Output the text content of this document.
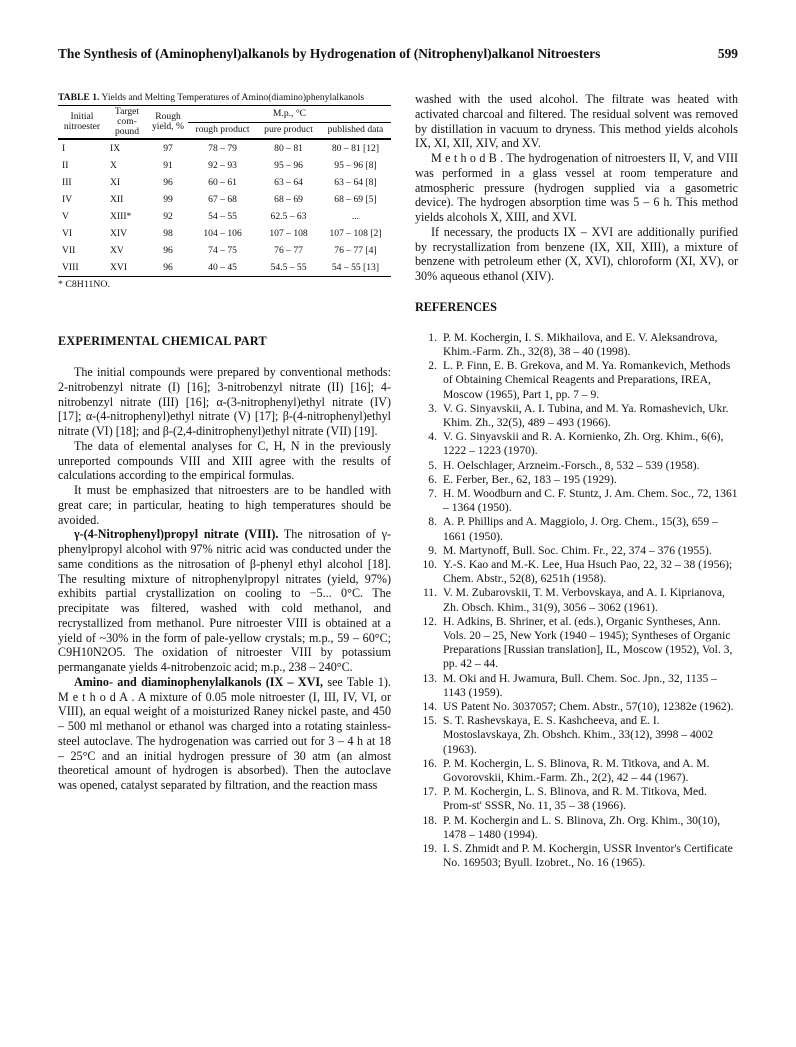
The Synthesis of (Aminophenyl)alkanols by Hydrogenation of (Nitrophenyl)alkanol Nitroesters	599
TABLE 1. Yields and Melting Temperatures of Amino(diamino)phenylalkanols
Initial nitroester	Target com-pound	Rough yield, %	M.p., °C		
			rough product	pure product	published data

I	IX	97	78 – 79	80 – 81	80 – 81 [12]
II	X	91	92 – 93	95 – 96	95 – 96 [8]
III	XI	96	60 – 61	63 – 64	63 – 64 [8]
IV	XII	99	67 – 68	68 – 69	68 – 69 [5]
V	XIII*	92	54 – 55	62.5 – 63	...
VI	XIV	98	104 – 106	107 – 108	107 – 108 [2]
VII	XV	96	74 – 75	76 – 77	76 – 77 [4]
VIII	XVI	96	40 – 45	54.5 – 55	54 – 55 [13]
* C8H11NO.
EXPERIMENTAL CHEMICAL PART

The initial compounds were prepared by conventional methods: 2-nitrobenzyl nitrate (I) [16]; 3-nitrobenzyl nitrate (II) [16]; 4-nitrobenzyl nitrate (III) [16]; α-(3-nitrophenyl)ethyl nitrate (IV) [17]; α-(4-nitrophenyl)ethyl nitrate (V) [17]; β-(4-nitrophenyl)ethyl nitrate (VI) [18]; and β-(2,4-dinitrophenyl)ethyl nitrate (VII) [19].

The data of elemental analyses for C, H, N in the previously unreported compounds VIII and XIII agree with the results of calculations according to the empirical formulas.

It must be emphasized that nitroesters are to be handled with great care; in particular, heating to high temperatures should be avoided.

γ-(4-Nitrophenyl)propyl nitrate (VIII). The nitrosation of γ-phenylpropyl alcohol with 97% nitric acid was conducted under the same conditions as the nitrosation of β-phenyl ethyl alcohol [18]. The resulting mixture of nitrophenylpropyl nitrates (yield, 97%) exhibits partial crystallization on cooling to −5... 0°C. The precipitate was filtered, washed with cold methanol, and recrystallized from methanol. Pure nitroester VIII is obtained at a yield of ~30% in the form of pale-yellow crystals; m.p., 59 – 60°C; C9H10N2O5. The oxidation of nitroester VIII by potassium permanganate yields 4-nitrobenzoic acid; m.p., 238 – 240°C.

Amino- and diaminophenylalkanols (IX – XVI, see Table 1). M e t h o d A . A mixture of 0.05 mole nitroester (I, III, IV, VI, or VIII), an equal weight of a moisturized Raney nickel paste, and 450 – 500 ml methanol or ethanol was charged into a rotating stainless-steel autoclave. The hydrogenation was carried out for 3 – 4 h at 18 – 25°C and an initial hydrogen pressure of 30 atm (an almost theoretical amount of hydrogen is absorbed). Then the autoclave was opened, catalyst separated by filtration, and the reaction mass

washed with the used alcohol. The filtrate was heated with activated charcoal and filtered. The residual solvent was removed by distillation in vacuum to dryness. This method yields alcohols IX, XI, XII, XIV, and XV.

M e t h o d B . The hydrogenation of nitroesters II, V, and VIII was performed in a glass vessel at room temperature and atmospheric pressure (hydrogen supplied via a gasometric device). The hydrogen absorption time was 5 – 6 h. This method yields alcohols X, XIII, and XVI.

If necessary, the products IX – XVI are additionally purified by recrystallization from benzene (IX, XII, XIII), a mixture of benzene with petroleum ether (X, XVI), chloroform (XI, XV), or 30% aqueous ethanol (XIV).

REFERENCES
1. P. M. Kochergin, I. S. Mikhailova, and E. V. Aleksandrova, Khim.-Farm. Zh., 32(8), 38 – 40 (1998).
2. L. P. Finn, E. B. Grekova, and M. Ya. Romankevich, Methods of Obtaining Chemical Reagents and Preparations, IREA, Moscow (1965), Part 1, pp. 7 – 9.
3. V. G. Sinyavskii, A. I. Tubina, and M. Ya. Romashevich, Ukr. Khim. Zh., 32(5), 489 – 493 (1966).
4. V. G. Sinyavskii and R. A. Kornienko, Zh. Org. Khim., 6(6), 1222 – 1223 (1970).
5. H. Oelschlager, Arzneim.-Forsch., 8, 532 – 539 (1958).
6. E. Ferber, Ber., 62, 183 – 195 (1929).
7. H. M. Woodburn and C. F. Stuntz, J. Am. Chem. Soc., 72, 1361 – 1364 (1950).
8. A. P. Phillips and A. Maggiolo, J. Org. Chem., 15(3), 659 – 1661 (1950).
9. M. Martynoff, Bull. Soc. Chim. Fr., 22, 374 – 376 (1955).
10. Y.-S. Kao and M.-K. Lee, Hua Hsuch Pao, 22, 32 – 38 (1956); Chem. Abstr., 52(8), 6251h (1958).
11. V. M. Zubarovskii, T. M. Verbovskaya, and A. I. Kiprianova, Zh. Obsch. Khim., 31(9), 3056 – 3062 (1961).
12. H. Adkins, B. Shriner, et al. (eds.), Organic Syntheses, Ann. Vols. 20 – 25, New York (1940 – 1945); Syntheses of Organic Preparations [Russian translation], IL, Moscow (1952), Vol. 3, pp. 42 – 44.
13. M. Oki and H. Jwamura, Bull. Chem. Soc. Jpn., 32, 1135 – 1143 (1959).
14. US Patent No. 3037057; Chem. Abstr., 57(10), 12382e (1962).
15. S. T. Rashevskaya, E. S. Kashcheeva, and E. I. Mostoslavskaya, Zh. Obshch. Khim., 33(12), 3998 – 4002 (1963).
16. P. M. Kochergin, L. S. Blinova, R. M. Titkova, and A. M. Govorovskii, Khim.-Farm. Zh., 2(2), 42 – 44 (1967).
17. P. M. Kochergin, L. S. Blinova, and R. M. Titkova, Med. Prom-st' SSSR, No. 11, 35 – 38 (1966).
18. P. M. Kochergin and L. S. Blinova, Zh. Org. Khim., 30(10), 1478 – 1480 (1994).
19. I. S. Zhmidt and P. M. Kochergin, USSR Inventor's Certificate No. 169503; Byull. Izobret., No. 16 (1965).
